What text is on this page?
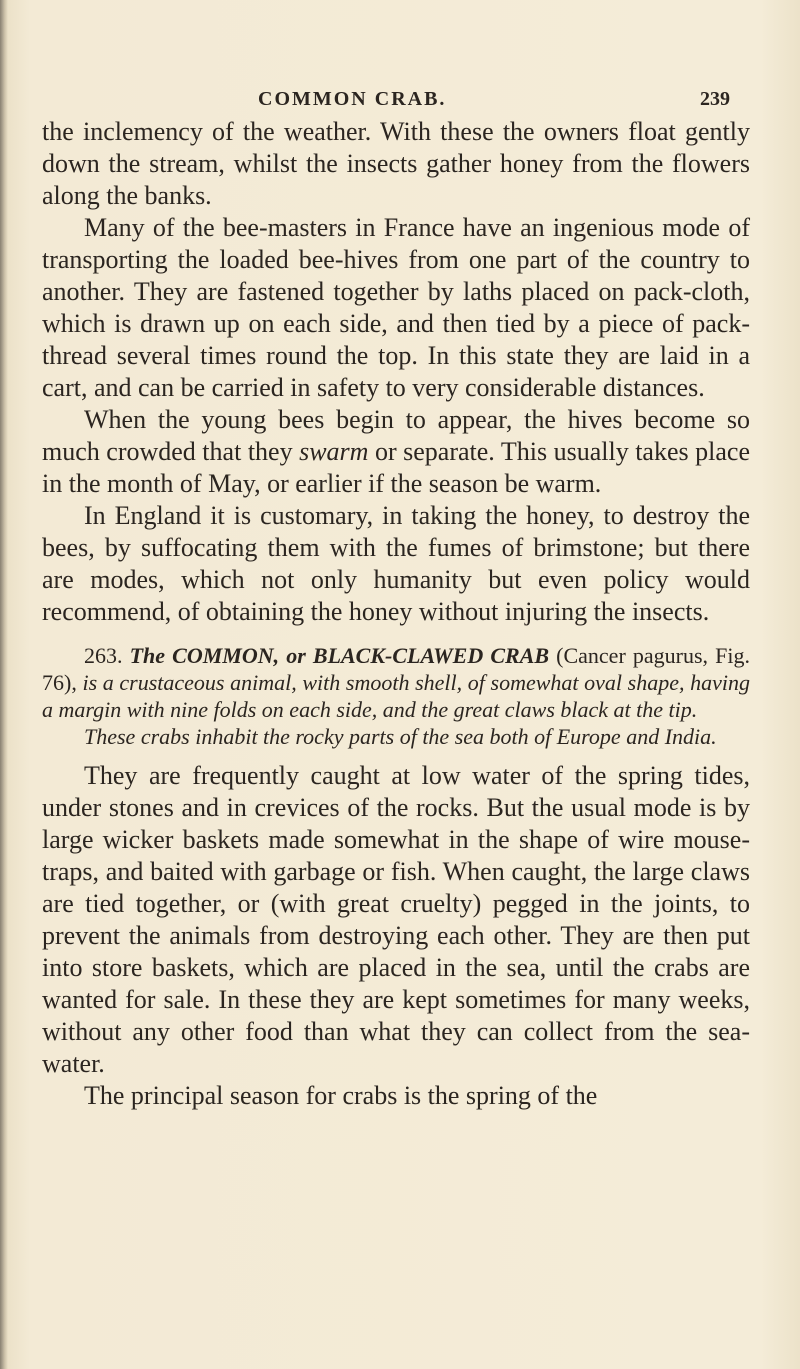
COMMON CRAB.	239

the inclemency of the weather. With these the owners float gently down the stream, whilst the insects gather honey from the flowers along the banks.

Many of the bee-masters in France have an ingenious mode of transporting the loaded bee-hives from one part of the country to another. They are fastened together by laths placed on pack-cloth, which is drawn up on each side, and then tied by a piece of pack-thread several times round the top. In this state they are laid in a cart, and can be carried in safety to very considerable distances.

When the young bees begin to appear, the hives become so much crowded that they swarm or separate. This usually takes place in the month of May, or earlier if the season be warm.

In England it is customary, in taking the honey, to destroy the bees, by suffocating them with the fumes of brimstone; but there are modes, which not only humanity but even policy would recommend, of obtaining the honey without injuring the insects.

263. The COMMON, or BLACK-CLAWED CRAB (Cancer pagurus, Fig. 76), is a crustaceous animal, with smooth shell, of somewhat oval shape, having a margin with nine folds on each side, and the great claws black at the tip.

These crabs inhabit the rocky parts of the sea both of Europe and India.

They are frequently caught at low water of the spring tides, under stones and in crevices of the rocks. But the usual mode is by large wicker baskets made somewhat in the shape of wire mouse-traps, and baited with garbage or fish. When caught, the large claws are tied together, or (with great cruelty) pegged in the joints, to prevent the animals from destroying each other. They are then put into store baskets, which are placed in the sea, until the crabs are wanted for sale. In these they are kept sometimes for many weeks, without any other food than what they can collect from the sea-water.

The principal season for crabs is the spring of the
